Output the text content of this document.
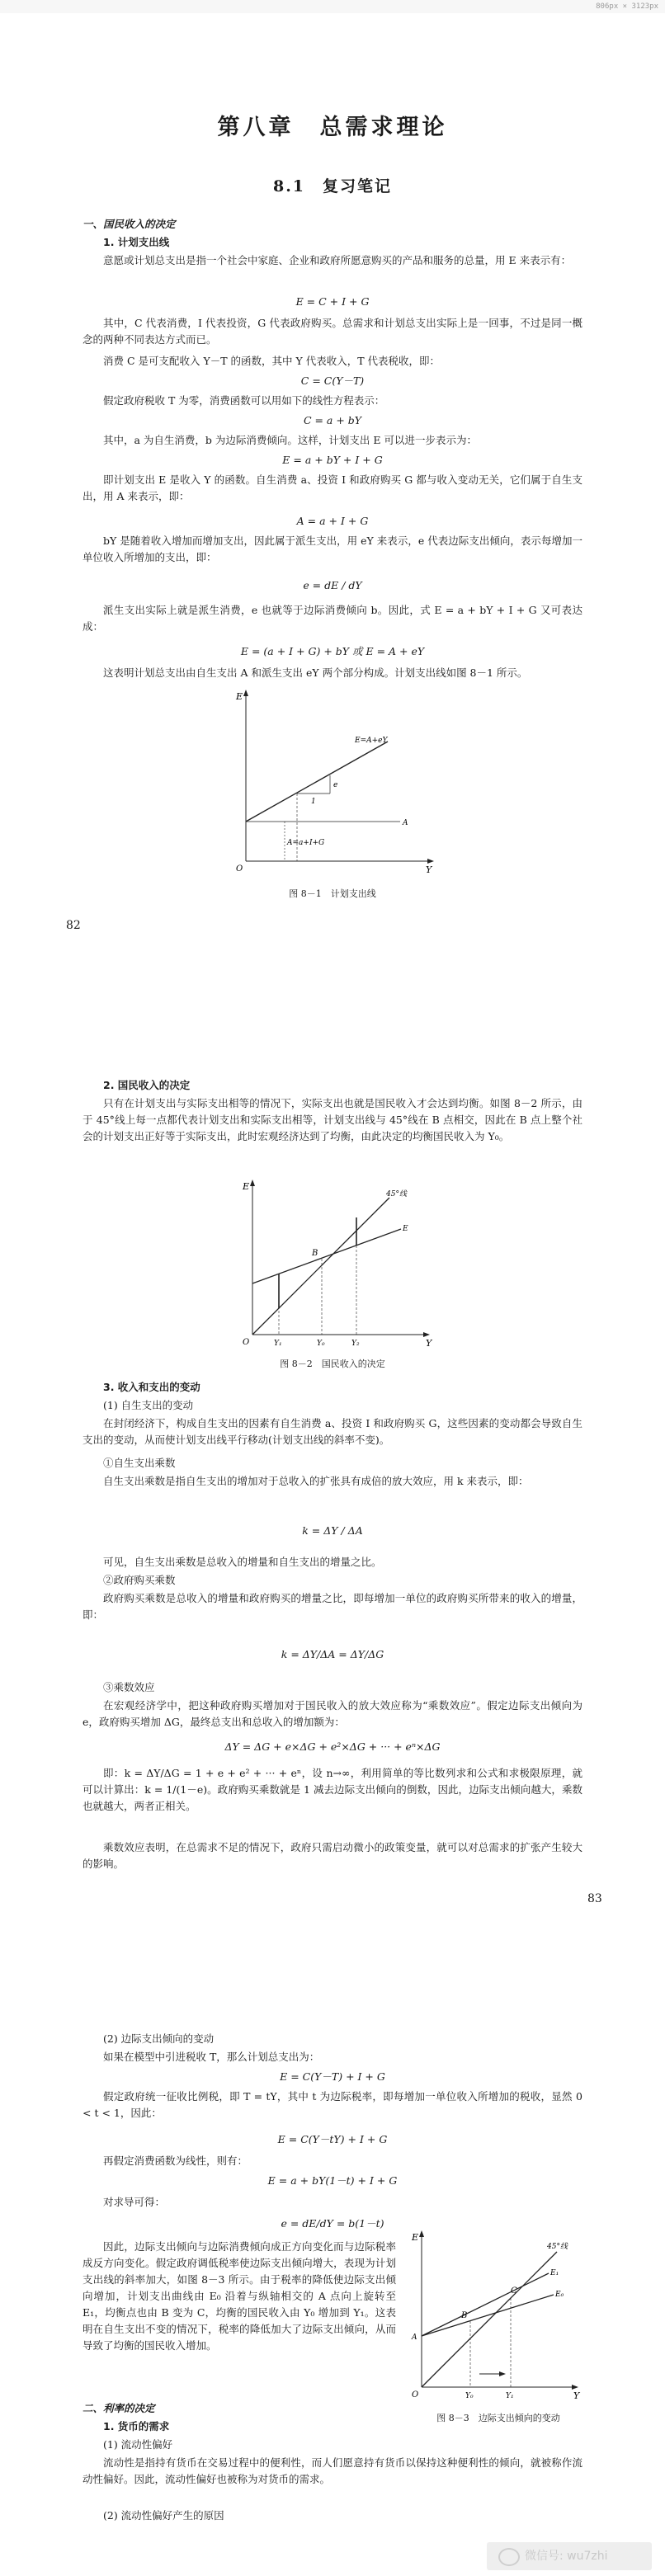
806px × 3123px
第八章　总需求理论
8.1　复习笔记

一、国民收入的决定

1. 计划支出线

意愿或计划总支出是指一个社会中家庭、企业和政府所愿意购买的产品和服务的总量，用 E 来表示有：

E = C + I + G

其中，C 代表消费，I 代表投资，G 代表政府购买。总需求和计划总支出实际上是一回事，不过是同一概念的两种不同表达方式而已。

消费 C 是可支配收入 Y－T 的函数，其中 Y 代表收入，T 代表税收，即：

C = C(Y－T)

假定政府税收 T 为零，消费函数可以用如下的线性方程表示：

C = a + bY

其中，a 为自生消费，b 为边际消费倾向。这样，计划支出 E 可以进一步表示为：

E = a + bY + I + G

即计划支出 E 是收入 Y 的函数。自生消费 a、投资 I 和政府购买 G 都与收入变动无关，它们属于自生支出，用 A 来表示，即：

A = a + I + G

bY 是随着收入增加而增加支出，因此属于派生支出，用 eY 来表示，e 代表边际支出倾向，表示每增加一单位收入所增加的支出，即：

e = dE / dY

派生支出实际上就是派生消费，e 也就等于边际消费倾向 b。因此，式 E = a + bY + I + G 又可表达成：

E = (a + I + G) + bY 或 E = A + eY

这表明计划总支出由自生支出 A 和派生支出 eY 两个部分构成。计划支出线如图 8－1 所示。

E
Y
O
E=A+eY
e
1
A=a+I+G
A

图 8－1　计划支出线

82

2. 国民收入的决定

只有在计划支出与实际支出相等的情况下，实际支出也就是国民收入才会达到均衡。如图 8－2 所示，由于 45°线上每一点都代表计划支出和实际支出相等，计划支出线与 45°线在 B 点相交，因此在 B 点上整个社会的计划支出正好等于实际支出，此时宏观经济达到了均衡，由此决定的均衡国民收入为 Y₀。

E
Y
O
45°线
E
B
Y₁	Y₀	Y₂

图 8－2　国民收入的决定

3. 收入和支出的变动

(1) 自生支出的变动

在封闭经济下，构成自生支出的因素有自生消费 a、投资 I 和政府购买 G，这些因素的变动都会导致自生支出的变动，从而使计划支出线平行移动(计划支出线的斜率不变)。

①自生支出乘数

自生支出乘数是指自生支出的增加对于总收入的扩张具有成倍的放大效应，用 k 来表示，即：

k = ΔY / ΔA

可见，自生支出乘数是总收入的增量和自生支出的增量之比。

②政府购买乘数

政府购买乘数是总收入的增量和政府购买的增量之比，即每增加一单位的政府购买所带来的收入的增量，即：

k = ΔY/ΔA = ΔY/ΔG

③乘数效应

在宏观经济学中，把这种政府购买增加对于国民收入的放大效应称为“乘数效应”。假定边际支出倾向为 e，政府购买增加 ΔG，最终总支出和总收入的增加额为：

ΔY = ΔG + e×ΔG + e²×ΔG + ··· + eⁿ×ΔG

即：k = ΔY/ΔG = 1 + e + e² + ··· + eⁿ，设 n→∞，利用简单的等比数列求和公式和求极限原理，就可以计算出：k = 1/(1－e)。政府购买乘数就是 1 减去边际支出倾向的倒数，因此，边际支出倾向越大，乘数也就越大，两者正相关。

乘数效应表明，在总需求不足的情况下，政府只需启动微小的政策变量，就可以对总需求的扩张产生较大的影响。

83

(2) 边际支出倾向的变动

如果在模型中引进税收 T，那么计划总支出为：

E = C(Y－T) + I + G

假定政府统一征收比例税，即 T = tY，其中 t 为边际税率，即每增加一单位收入所增加的税收，显然 0 < t < 1，因此：

E = C(Y－tY) + I + G

再假定消费函数为线性，则有：

E = a + bY(1－t) + I + G

对求导可得：

e = dE/dY = b(1－t)

因此，边际支出倾向与边际消费倾向成正方向变化而与边际税率成反方向变化。假定政府调低税率使边际支出倾向增大，表现为计划支出线的斜率加大，如图 8－3 所示。由于税率的降低使边际支出倾向增加，计划支出曲线由 E₀ 沿着与纵轴相交的 A 点向上旋转至 E₁，均衡点也由 B 变为 C，均衡的国民收入由 Y₀ 增加到 Y₁。这表明在自生支出不变的情况下，税率的降低加大了边际支出倾向，从而导致了均衡的国民收入增加。

E
Y
O
45°线
E₁
E₀
C
B
A
Y₀	Y₁

图 8－3　边际支出倾向的变动

二、利率的决定

1. 货币的需求

(1) 流动性偏好

流动性是指持有货币在交易过程中的便利性，而人们愿意持有货币以保持这种便利性的倾向，就被称作流动性偏好。因此，流动性偏好也被称为对货币的需求。

(2) 流动性偏好产生的原因

微信号: wu7zhi
